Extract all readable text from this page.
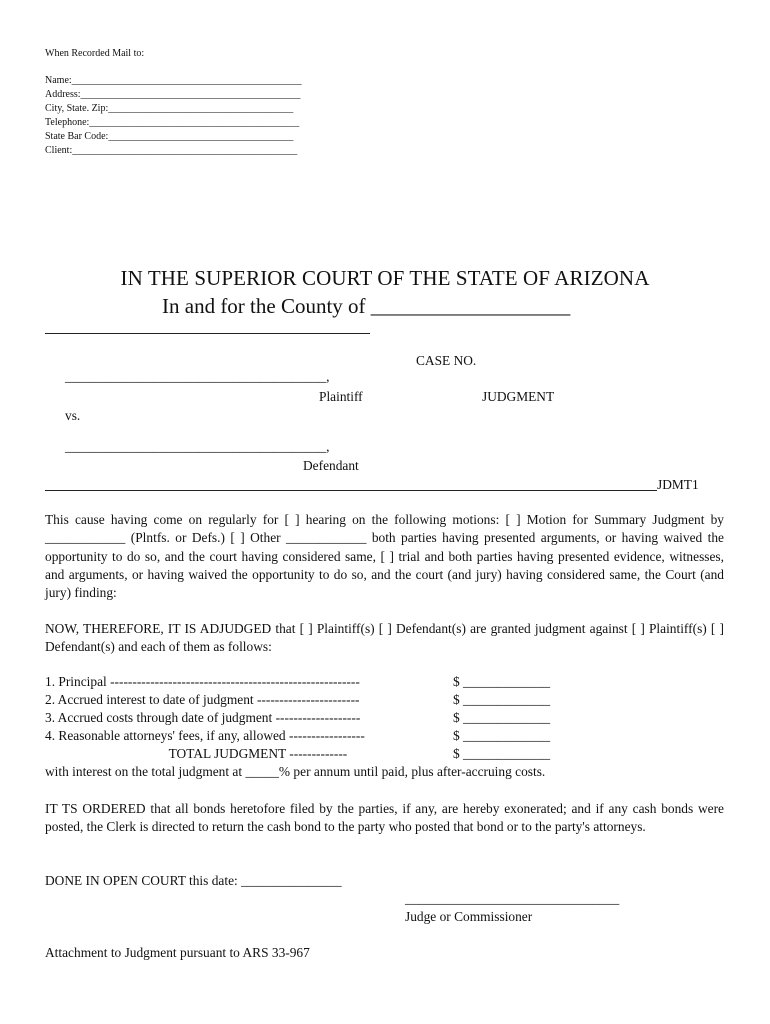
When Recorded Mail to:
Name:______________________________________________
Address:____________________________________________
City, State. Zip:_____________________________________
Telephone:__________________________________________
State Bar Code:_____________________________________
Client:_____________________________________________
IN THE SUPERIOR COURT OF THE STATE OF ARIZONA
In and for the County of ___________________
CASE NO.
_______________________________________,
Plaintiff	JUDGMENT
vs.
_______________________________________,
Defendant
JDMT1
This cause having come on regularly for [ ] hearing on the following motions: [ ] Motion for Summary Judgment by ____________ (Plntfs. or Defs.) [ ] Other ____________ both parties having presented arguments, or having waived the opportunity to do so, and the court having considered same, [ ] trial and both parties having presented evidence, witnesses, and arguments, or having waived the opportunity to do so, and the court (and jury) having considered same, the Court (and jury) finding:
NOW, THEREFORE, IT IS ADJUDGED that [ ] Plaintiff(s) [ ] Defendant(s) are granted judgment against [ ] Plaintiff(s) [ ] Defendant(s) and each of them as follows:
1. Principal --------------------------------------------------------	$ _____________
2. Accrued interest to date of judgment -----------------------	$ _____________
3. Accrued costs through date of judgment -------------------	$ _____________
4. Reasonable attorneys' fees, if any, allowed -----------------	$ _____________
TOTAL JUDGMENT -------------	$ _____________
with interest on the total judgment at _____% per annum until paid, plus after-accruing costs.
IT TS ORDERED that all bonds heretofore filed by the parties, if any, are hereby exonerated; and if any cash bonds were posted, the Clerk is directed to return the cash bond to the party who posted that bond or to the party's attorneys.
DONE IN OPEN COURT this date: _______________
________________________________
Judge or Commissioner
Attachment to Judgment pursuant to ARS 33-967
